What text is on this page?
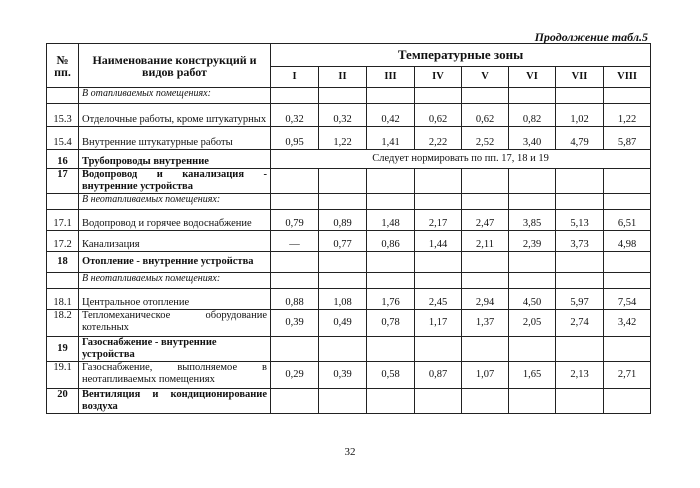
Продолжение табл.5
№ пп.	Наименование конструкций и видов работ	Температурные зоны							
		I	II	III	IV	V	VI	VII	VIII
	В отапливаемых помещениях:								
15.3	Отделочные работы, кроме штукатурных	0,32	0,32	0,42	0,62	0,62	0,82	1,02	1,22
15.4	Внутренние штукатурные работы	0,95	1,22	1,41	2,22	2,52	3,40	4,79	5,87
16	Трубопроводы внутренние	Следует нормировать по пп. 17, 18 и 19							
17	Водопровод и канализация - внутренние устройства								
	В неотапливаемых помещениях:								
17.1	Водопровод и горячее водоснабжение	0,79	0,89	1,48	2,17	2,47	3,85	5,13	6,51
17.2	Канализация	—	0,77	0,86	1,44	2,11	2,39	3,73	4,98
18	Отопление - внутренние устройства								
	В неотапливаемых помещениях:								
18.1	Центральное отопление	0,88	1,08	1,76	2,45	2,94	4,50	5,97	7,54
18.2	Тепломеханическое оборудование котельных	0,39	0,49	0,78	1,17	1,37	2,05	2,74	3,42
19	Газоснабжение - внутренние устройства								
19.1	Газоснабжение, выполняемое в неотапливаемых помещениях	0,29	0,39	0,58	0,87	1,07	1,65	2,13	2,71
20	Вентиляция и кондиционирование воздуха								
32
